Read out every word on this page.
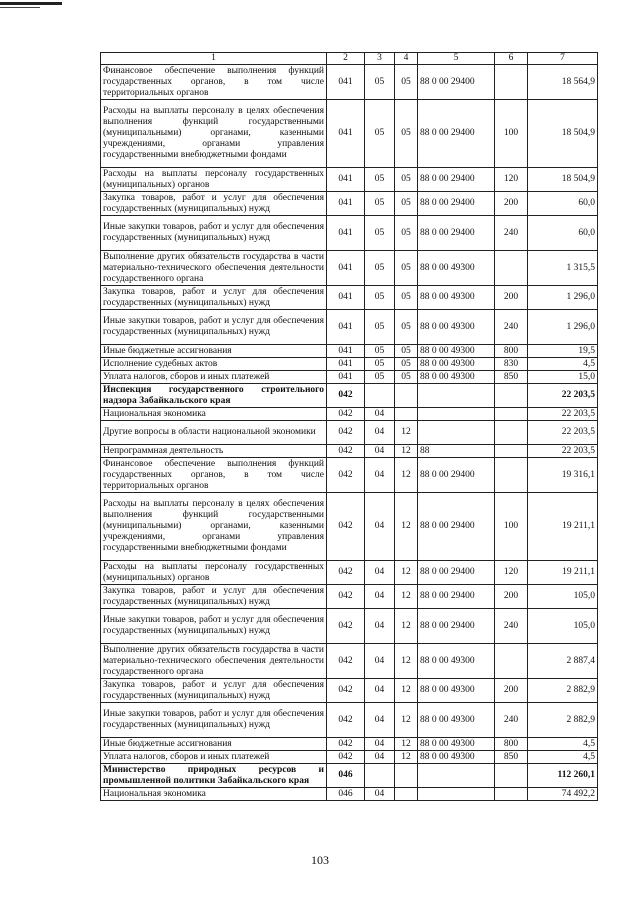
1	2	3	4	5	6	7
Финансовое обеспечение выполнения функций государственных органов, в том числе территориальных органов	041	05	05	88 0 00 29400		18 564,9
Расходы на выплаты персоналу в целях обеспечения выполнения функций государственными (муниципальными) органами, казенными учреждениями, органами управления государственными внебюджетными фондами	041	05	05	88 0 00 29400	100	18 504,9
Расходы на выплаты персоналу государственных (муниципальных) органов	041	05	05	88 0 00 29400	120	18 504,9
Закупка товаров, работ и услуг для обеспечения государственных (муниципальных) нужд	041	05	05	88 0 00 29400	200	60,0
Иные закупки товаров, работ и услуг для обеспечения государственных (муниципальных) нужд	041	05	05	88 0 00 29400	240	60,0
Выполнение других обязательств государства в части материально-технического обеспечения деятельности государственного органа	041	05	05	88 0 00 49300		1 315,5
Закупка товаров, работ и услуг для обеспечения государственных (муниципальных) нужд	041	05	05	88 0 00 49300	200	1 296,0
Иные закупки товаров, работ и услуг для обеспечения государственных (муниципальных) нужд	041	05	05	88 0 00 49300	240	1 296,0
Иные бюджетные ассигнования	041	05	05	88 0 00 49300	800	19,5
Исполнение судебных актов	041	05	05	88 0 00 49300	830	4,5
Уплата налогов, сборов и иных платежей	041	05	05	88 0 00 49300	850	15,0
Инспекция государственного строительного надзора Забайкальского края	042					22 203,5
Национальная экономика	042	04				22 203,5
Другие вопросы в области национальной экономики	042	04	12			22 203,5
Непрограммная деятельность	042	04	12	88		22 203,5
Финансовое обеспечение выполнения функций государственных органов, в том числе территориальных органов	042	04	12	88 0 00 29400		19 316,1
Расходы на выплаты персоналу в целях обеспечения выполнения функций государственными (муниципальными) органами, казенными учреждениями, органами управления государственными внебюджетными фондами	042	04	12	88 0 00 29400	100	19 211,1
Расходы на выплаты персоналу государственных (муниципальных) органов	042	04	12	88 0 00 29400	120	19 211,1
Закупка товаров, работ и услуг для обеспечения государственных (муниципальных) нужд	042	04	12	88 0 00 29400	200	105,0
Иные закупки товаров, работ и услуг для обеспечения государственных (муниципальных) нужд	042	04	12	88 0 00 29400	240	105,0
Выполнение других обязательств государства в части материально-технического обеспечения деятельности государственного органа	042	04	12	88 0 00 49300		2 887,4
Закупка товаров, работ и услуг для обеспечения государственных (муниципальных) нужд	042	04	12	88 0 00 49300	200	2 882,9
Иные закупки товаров, работ и услуг для обеспечения государственных (муниципальных) нужд	042	04	12	88 0 00 49300	240	2 882,9
Иные бюджетные ассигнования	042	04	12	88 0 00 49300	800	4,5
Уплата налогов, сборов и иных платежей	042	04	12	88 0 00 49300	850	4,5
Министерство природных ресурсов и промышленной политики Забайкальского края	046					112 260,1
Национальная экономика	046	04				74 492,2
103
